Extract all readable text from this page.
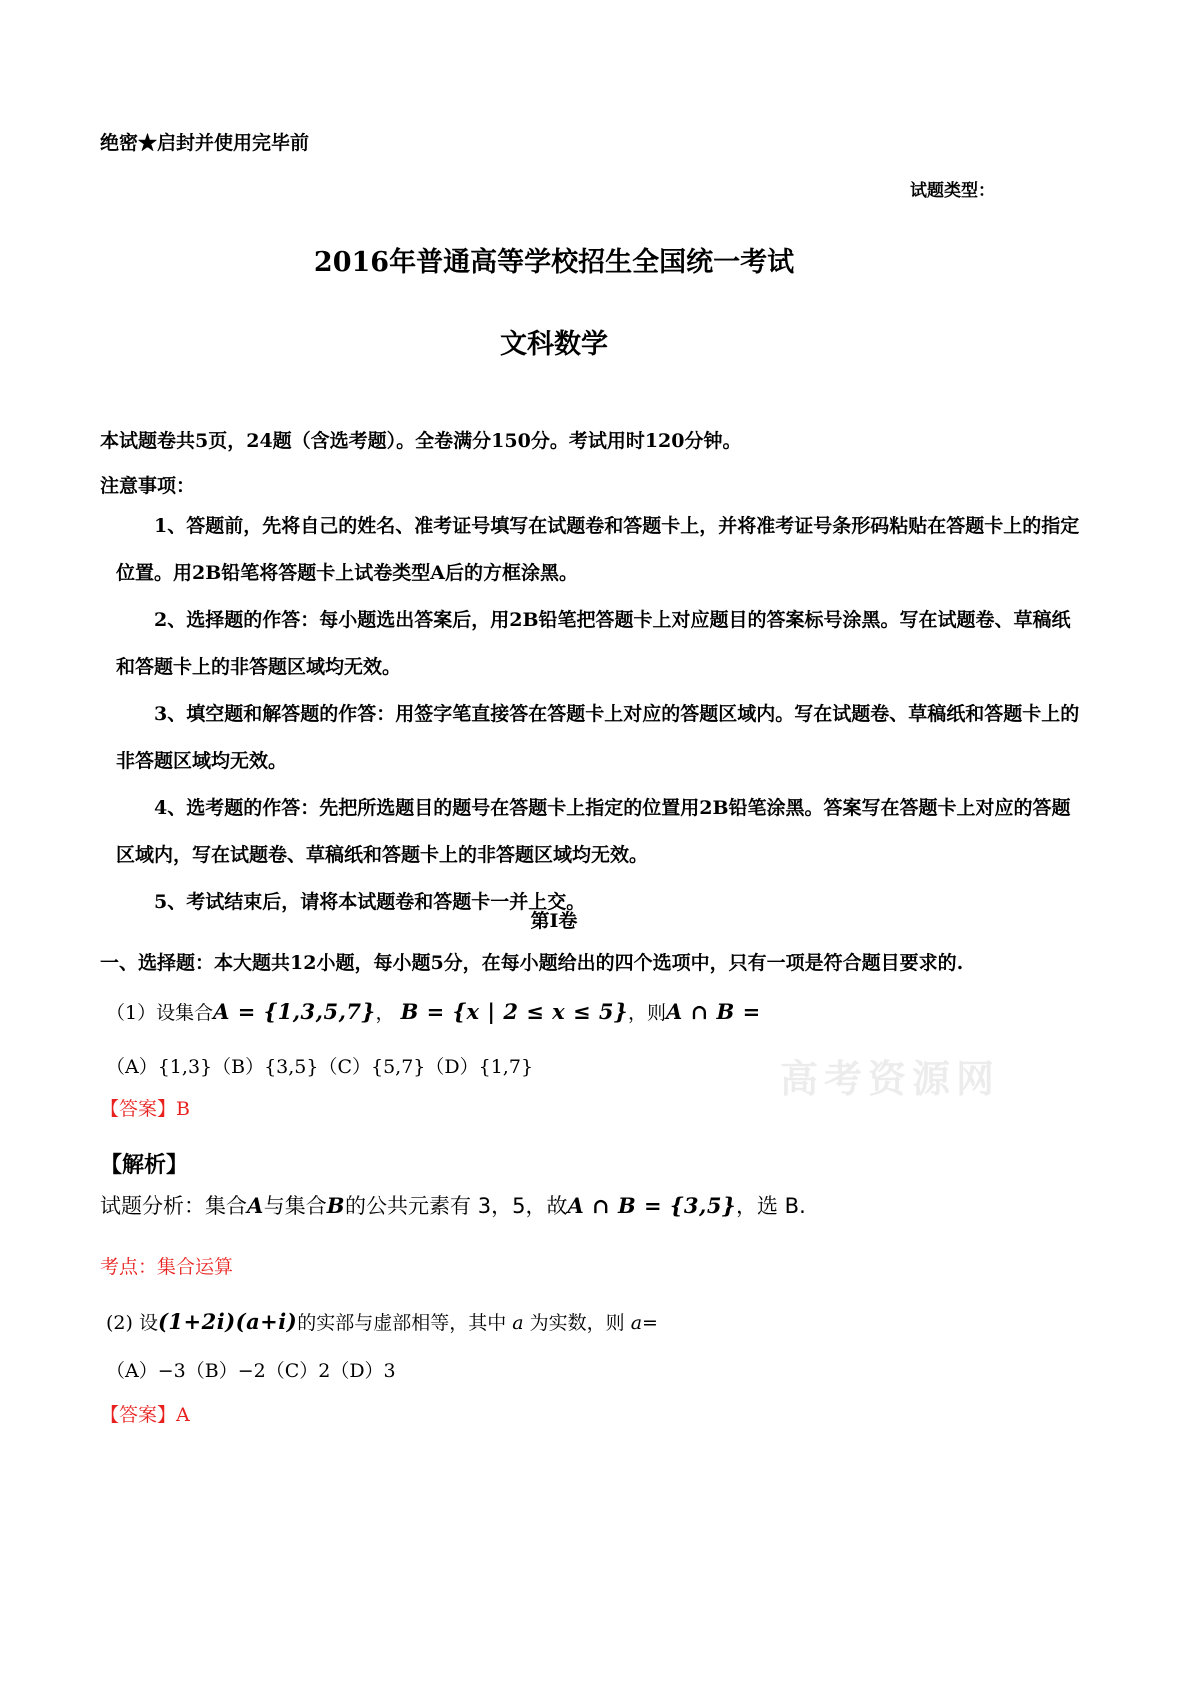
绝密★启封并使用完毕前
试题类型：
2016年普通高等学校招生全国统一考试
文科数学
本试题卷共5页，24题（含选考题）。全卷满分150分。考试用时120分钟。
注意事项：

1、答题前，先将自己的姓名、准考证号填写在试题卷和答题卡上，并将准考证号条形码粘贴在答题卡上的指定位置。用2B铅笔将答题卡上试卷类型A后的方框涂黑。

2、选择题的作答：每小题选出答案后，用2B铅笔把答题卡上对应题目的答案标号涂黑。写在试题卷、草稿纸和答题卡上的非答题区域均无效。

3、填空题和解答题的作答：用签字笔直接答在答题卡上对应的答题区域内。写在试题卷、草稿纸和答题卡上的非答题区域均无效。

4、选考题的作答：先把所选题目的题号在答题卡上指定的位置用2B铅笔涂黑。答案写在答题卡上对应的答题区域内，写在试题卷、草稿纸和答题卡上的非答题区域均无效。

5、考试结束后，请将本试题卷和答题卡一并上交。

第Ⅰ卷
一、选择题：本大题共12小题，每小题5分，在每小题给出的四个选项中，只有一项是符合题目要求的.
（1）设集合A = {1,3,5,7}， B = {x | 2 ≤ x ≤ 5}，则A ∩ B =
（A）{1,3}（B）{3,5}（C）{5,7}（D）{1,7}	高考资源网
【答案】B
【解析】
试题分析：集合A与集合B的公共元素有 3，5，故A ∩ B = {3,5}，选 B.
考点：集合运算
(2) 设(1+2i)(a+i)的实部与虚部相等，其中 a 为实数，则 a=
（A）−3（B）−2（C）2（D）3
【答案】A
